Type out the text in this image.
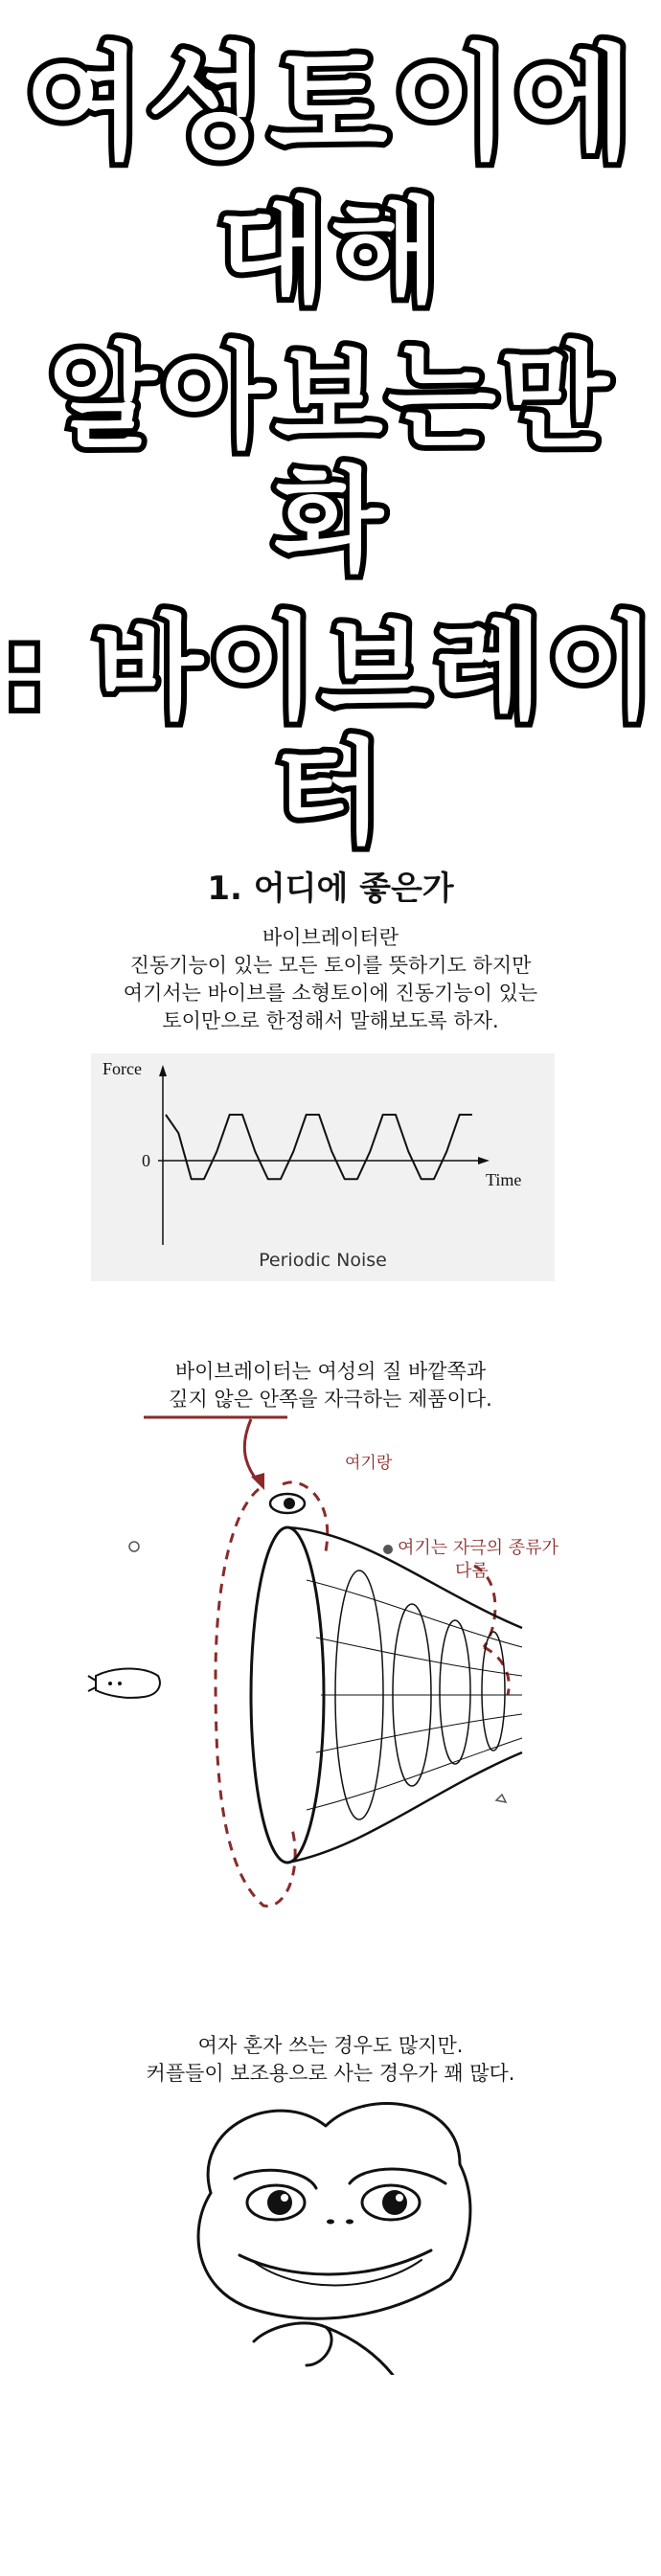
여성토이에
대해
알아보는만화
: 바이브레이터
1. 어디에 좋은가
바이브레이터란
진동기능이 있는 모든 토이를 뜻하기도 하지만
여기서는 바이브를 소형토이에 진동기능이 있는
토이만으로 한정해서 말해보도록 하자.
Force
Time
0
Periodic Noise
바이브레이터는 여성의 질 바깥쪽과
깊지 않은 안쪽을 자극하는 제품이다.
여기랑
여기는 자극의 종류가
다름
여자 혼자 쓰는 경우도 많지만.
커플들이 보조용으로 사는 경우가 꽤 많다.
